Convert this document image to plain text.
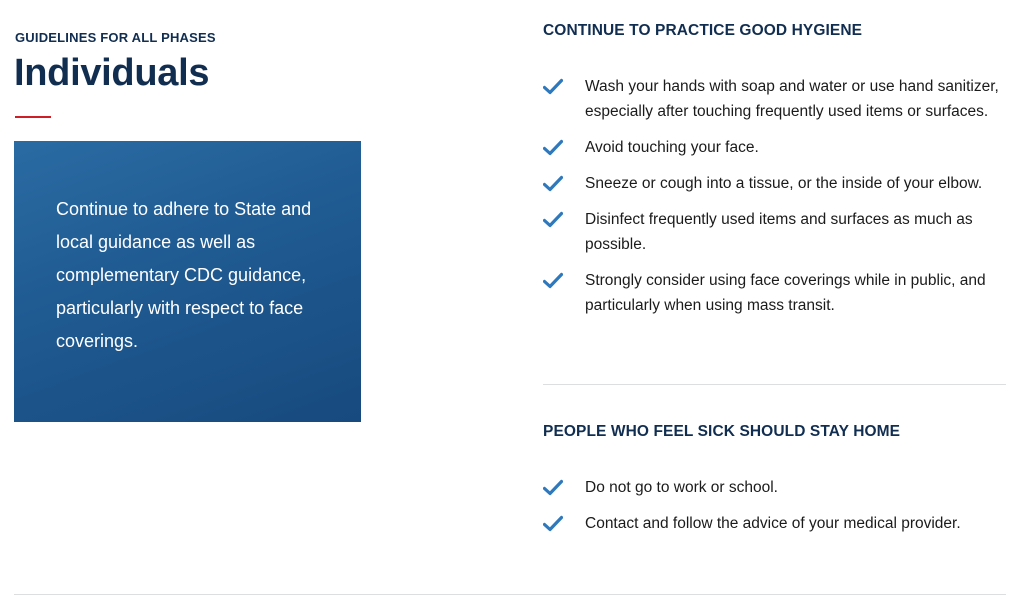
GUIDELINES FOR ALL PHASES
Individuals

Continue to adhere to State and local guidance as well as complementary CDC guidance, particularly with respect to face coverings.

CONTINUE TO PRACTICE GOOD HYGIENE
Wash your hands with soap and water or use hand sanitizer, especially after touching frequently used items or surfaces.
Avoid touching your face.
Sneeze or cough into a tissue, or the inside of your elbow.
Disinfect frequently used items and surfaces as much as possible.
Strongly consider using face coverings while in public, and particularly when using mass transit.
PEOPLE WHO FEEL SICK SHOULD STAY HOME
Do not go to work or school.
Contact and follow the advice of your medical provider.
